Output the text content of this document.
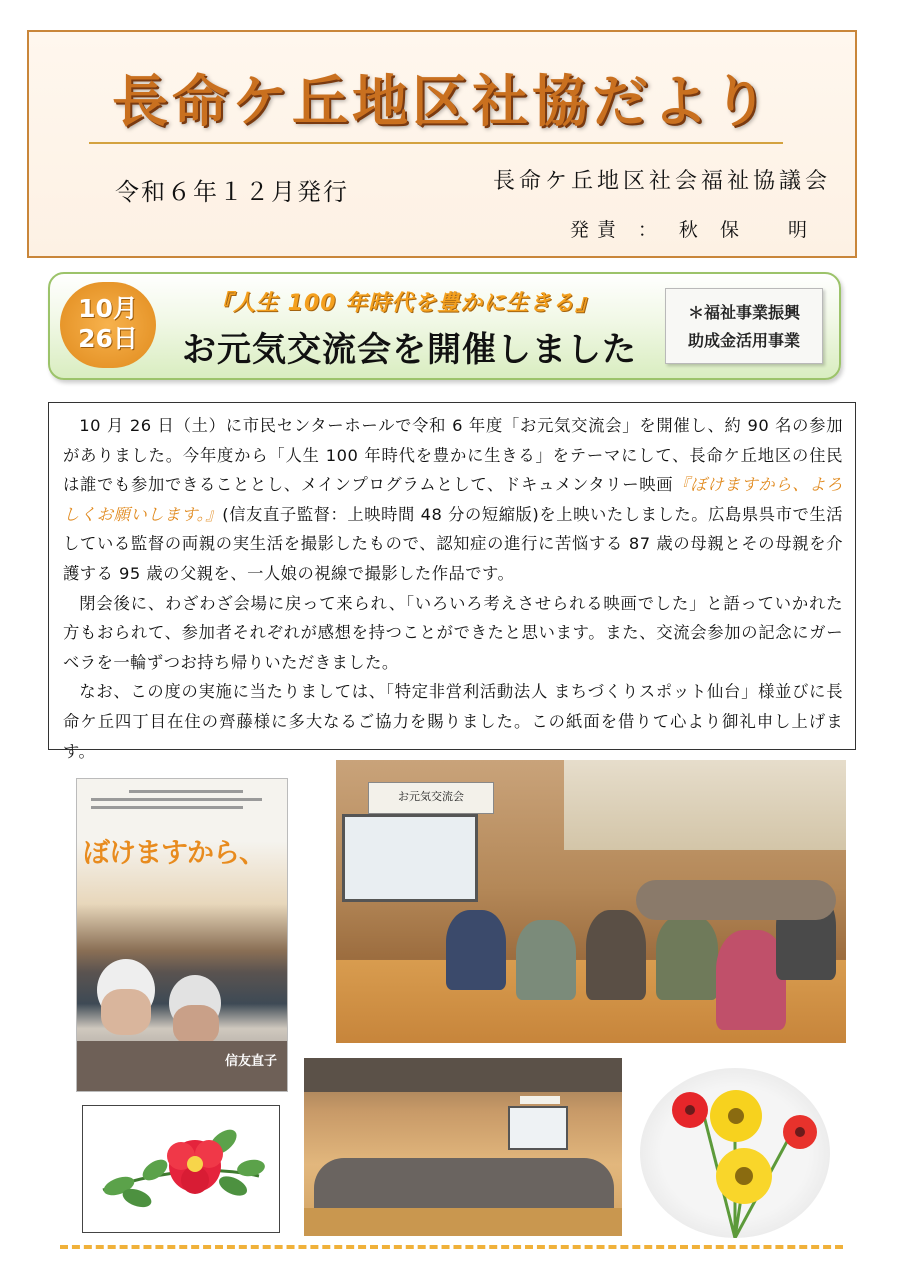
長命ケ丘地区社協だより
令和６年１２月発行	長命ケ丘地区社会福祉協議会
発責 ： 秋 保 　明
10月
26日
『人生 100 年時代を豊かに生きる』
お元気交流会を開催しました
＊福祉事業振興
助成金活用事業

10 月 26 日（土）に市民センターホールで令和 6 年度「お元気交流会」を開催し、約 90 名の参加がありました。今年度から「人生 100 年時代を豊かに生きる」をテーマにして、長命ケ丘地区の住民は誰でも参加できることとし、メインプログラムとして、ドキュメンタリー映画『ぼけますから、よろしくお願いします。』(信友直子監督：上映時間 48 分の短縮版)を上映いたしました。広島県呉市で生活している監督の両親の実生活を撮影したもので、認知症の進行に苦悩する 87 歳の母親とその母親を介護する 95 歳の父親を、一人娘の視線で撮影した作品です。

閉会後に、わざわざ会場に戻って来られ、「いろいろ考えさせられる映画でした」と語っていかれた方もおられて、参加者それぞれが感想を持つことができたと思います。また、交流会参加の記念にガーベラを一輪ずつお持ち帰りいただきました。

なお、この度の実施に当たりましては、「特定非営利活動法人 まちづくりスポット仙台」様並びに長命ケ丘四丁目在住の齊藤様に多大なるご協力を賜りました。この紙面を借りて心より御礼申し上げます。

ぼけますから、
信友直子
お元気交流会
